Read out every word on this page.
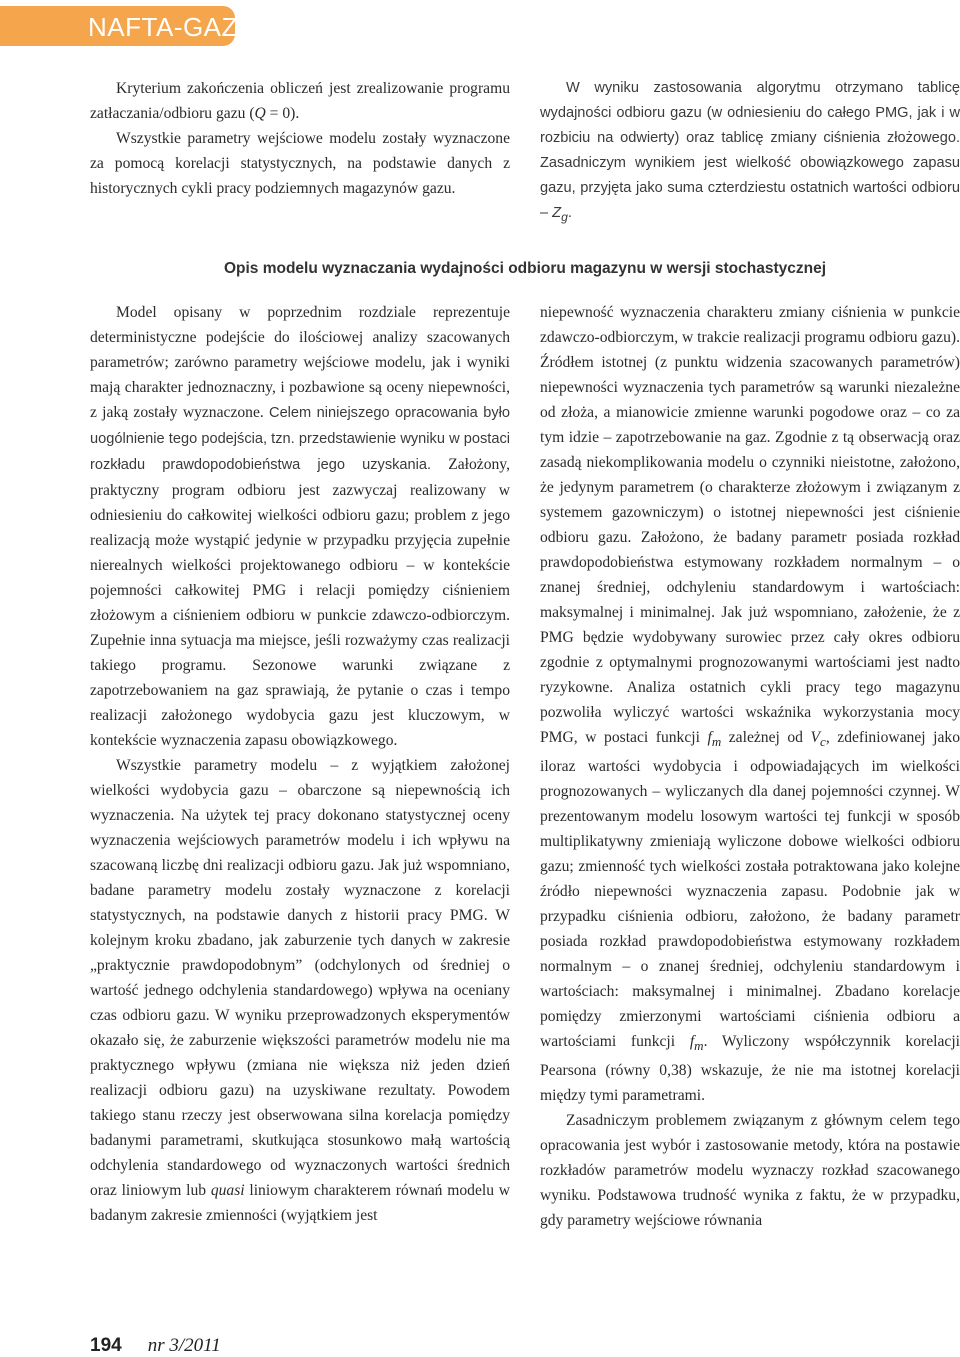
NAFTA-GAZ

Kryterium zakończenia obliczeń jest zrealizowanie programu zatłaczania/odbioru gazu (Q = 0).

Wszystkie parametry wejściowe modelu zostały wyznaczone za pomocą korelacji statystycznych, na podstawie danych z historycznych cykli pracy podziemnych magazynów gazu.

W wyniku zastosowania algorytmu otrzymano tablicę wydajności odbioru gazu (w odniesieniu do całego PMG, jak i w rozbiciu na odwierty) oraz tablicę zmiany ciśnienia złożowego. Zasadniczym wynikiem jest wielkość obowiązkowego zapasu gazu, przyjęta jako suma czterdziestu ostatnich wartości odbioru – $Z_g$.

Opis modelu wyznaczania wydajności odbioru magazynu w wersji stochastycznej

Model opisany w poprzednim rozdziale reprezentuje deterministyczne podejście do ilościowej analizy szacowanych parametrów; zarówno parametry wejściowe modelu, jak i wyniki mają charakter jednoznaczny, i pozbawione są oceny niepewności, z jaką zostały wyznaczone. Celem niniejszego opracowania było uogólnienie tego podejścia, tzn. przedstawienie wyniku w postaci rozkładu prawdopodobieństwa jego uzyskania. Założony, praktyczny program odbioru jest zazwyczaj realizowany w odniesieniu do całkowitej wielkości odbioru gazu; problem z jego realizacją może wystąpić jedynie w przypadku przyjęcia zupełnie nierealnych wielkości projektowanego odbioru – w kontekście pojemności całkowitej PMG i relacji pomiędzy ciśnieniem złożowym a ciśnieniem odbioru w punkcie zdawczo-odbiorczym. Zupełnie inna sytuacja ma miejsce, jeśli rozważymy czas realizacji takiego programu. Sezonowe warunki związane z zapotrzebowaniem na gaz sprawiają, że pytanie o czas i tempo realizacji założonego wydobycia gazu jest kluczowym, w kontekście wyznaczenia zapasu obowiązkowego.

Wszystkie parametry modelu – z wyjątkiem założonej wielkości wydobycia gazu – obarczone są niepewnością ich wyznaczenia. Na użytek tej pracy dokonano statystycznej oceny wyznaczenia wejściowych parametrów modelu i ich wpływu na szacowaną liczbę dni realizacji odbioru gazu. Jak już wspomniano, badane parametry modelu zostały wyznaczone z korelacji statystycznych, na podstawie danych z historii pracy PMG. W kolejnym kroku zbadano, jak zaburzenie tych danych w zakresie „praktycznie prawdopodobnym” (odchylonych od średniej o wartość jednego odchylenia standardowego) wpływa na oceniany czas odbioru gazu. W wyniku przeprowadzonych eksperymentów okazało się, że zaburzenie większości parametrów modelu nie ma praktycznego wpływu (zmiana nie większa niż jeden dzień realizacji odbioru gazu) na uzyskiwane rezultaty. Powodem takiego stanu rzeczy jest obserwowana silna korelacja pomiędzy badanymi parametrami, skutkująca stosunkowo małą wartością odchylenia standardowego od wyznaczonych wartości średnich oraz liniowym lub quasi liniowym charakterem równań modelu w badanym zakresie zmienności (wyjątkiem jest

niepewność wyznaczenia charakteru zmiany ciśnienia w punkcie zdawczo-odbiorczym, w trakcie realizacji programu odbioru gazu). Źródłem istotnej (z punktu widzenia szacowanych parametrów) niepewności wyznaczenia tych parametrów są warunki niezależne od złoża, a mianowicie zmienne warunki pogodowe oraz – co za tym idzie – zapotrzebowanie na gaz. Zgodnie z tą obserwacją oraz zasadą niekomplikowania modelu o czynniki nieistotne, założono, że jedynym parametrem (o charakterze złożowym i związanym z systemem gazowniczym) o istotnej niepewności jest ciśnienie odbioru gazu. Założono, że badany parametr posiada rozkład prawdopodobieństwa estymowany rozkładem normalnym – o znanej średniej, odchyleniu standardowym i wartościach: maksymalnej i minimalnej. Jak już wspomniano, założenie, że z PMG będzie wydobywany surowiec przez cały okres odbioru zgodnie z optymalnymi prognozowanymi wartościami jest nadto ryzykowne. Analiza ostatnich cykli pracy tego magazynu pozwoliła wyliczyć wartości wskaźnika wykorzystania mocy PMG, w postaci funkcji $f_m$ zależnej od $V_c$, zdefiniowanej jako iloraz wartości wydobycia i odpowiadających im wielkości prognozowanych – wyliczanych dla danej pojemności czynnej. W prezentowanym modelu losowym wartości tej funkcji w sposób multiplikatywny zmieniają wyliczone dobowe wielkości odbioru gazu; zmienność tych wielkości została potraktowana jako kolejne źródło niepewności wyznaczenia zapasu. Podobnie jak w przypadku ciśnienia odbioru, założono, że badany parametr posiada rozkład prawdopodobieństwa estymowany rozkładem normalnym – o znanej średniej, odchyleniu standardowym i wartościach: maksymalnej i minimalnej. Zbadano korelacje pomiędzy zmierzonymi wartościami ciśnienia odbioru a wartościami funkcji $f_m$. Wyliczony współczynnik korelacji Pearsona (równy 0,38) wskazuje, że nie ma istotnej korelacji między tymi parametrami.

Zasadniczym problemem związanym z głównym celem tego opracowania jest wybór i zastosowanie metody, która na postawie rozkładów parametrów modelu wyznaczy rozkład szacowanego wyniku. Podstawowa trudność wynika z faktu, że w przypadku, gdy parametry wejściowe równania

194 nr 3/2011
